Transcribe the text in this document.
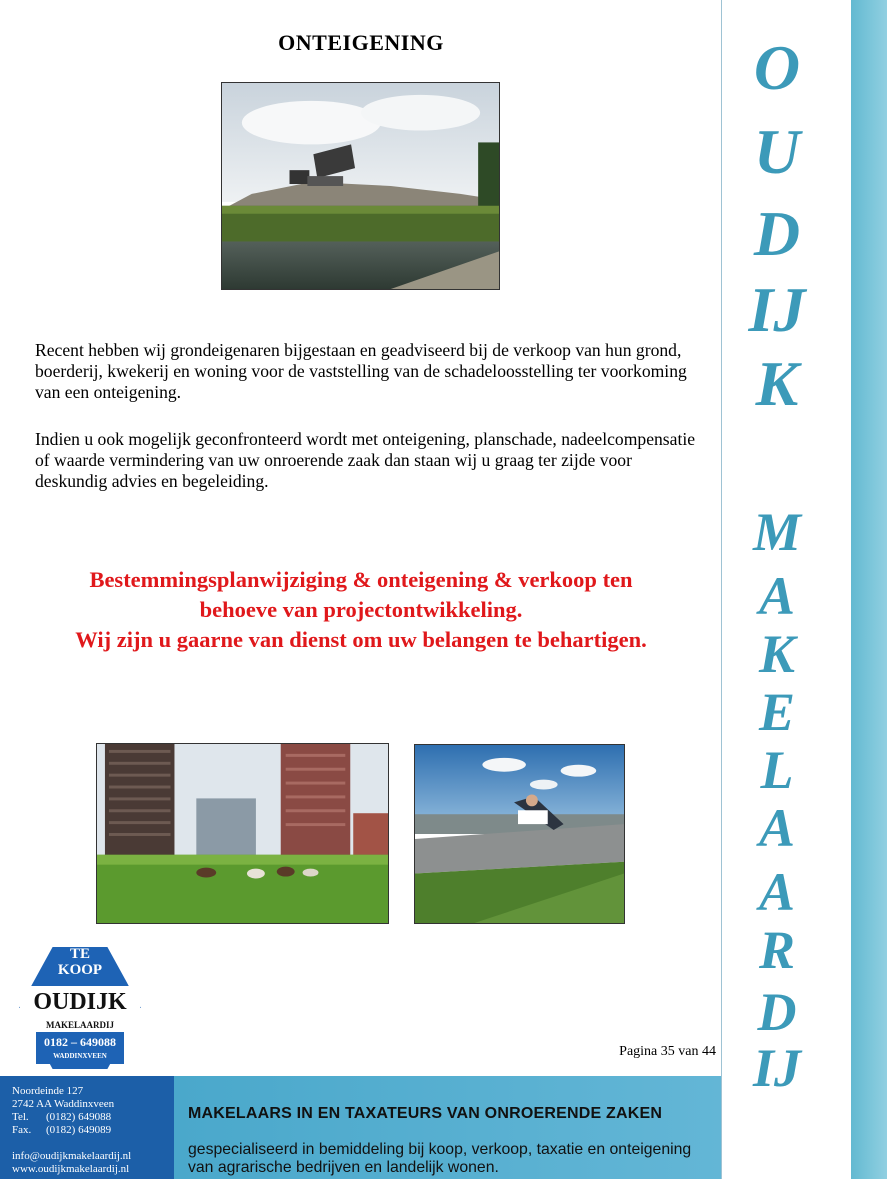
ONTEIGENING

Recent hebben wij grondeigenaren bijgestaan en geadviseerd bij de verkoop van hun grond, boerderij, kwekerij en woning voor de vaststelling van de schadeloosstelling ter voorkoming van een onteigening.

Indien u ook mogelijk geconfronteerd wordt met onteigening, planschade, nadeelcompensatie of waarde vermindering van uw onroerende zaak dan staan wij u graag ter zijde voor deskundig advies en begeleiding.

Bestemmingsplanwijziging & onteigening & verkoop ten
behoeve van projectontwikkeling.
Wij zijn u gaarne van dienst om uw belangen te behartigen.
TE
KOOP
OUDIJK
MAKELAARDIJ
0182 – 649088
WADDINXVEEN	Pagina 35 van 44
Noordeinde 127
2742 AA Waddinxveen
Tel.	(0182) 649088
Fax.	(0182) 649089
info@oudijkmakelaardij.nl
www.oudijkmakelaardij.nl
MAKELAARS IN EN TAXATEURS VAN ONROERENDE ZAKEN
gespecialiseerd in bemiddeling bij koop, verkoop, taxatie en onteigening van agrarische bedrijven en landelijk wonen.
O
U
D
IJ
K
M
A
K
E
L
A
A
R
D
IJ
